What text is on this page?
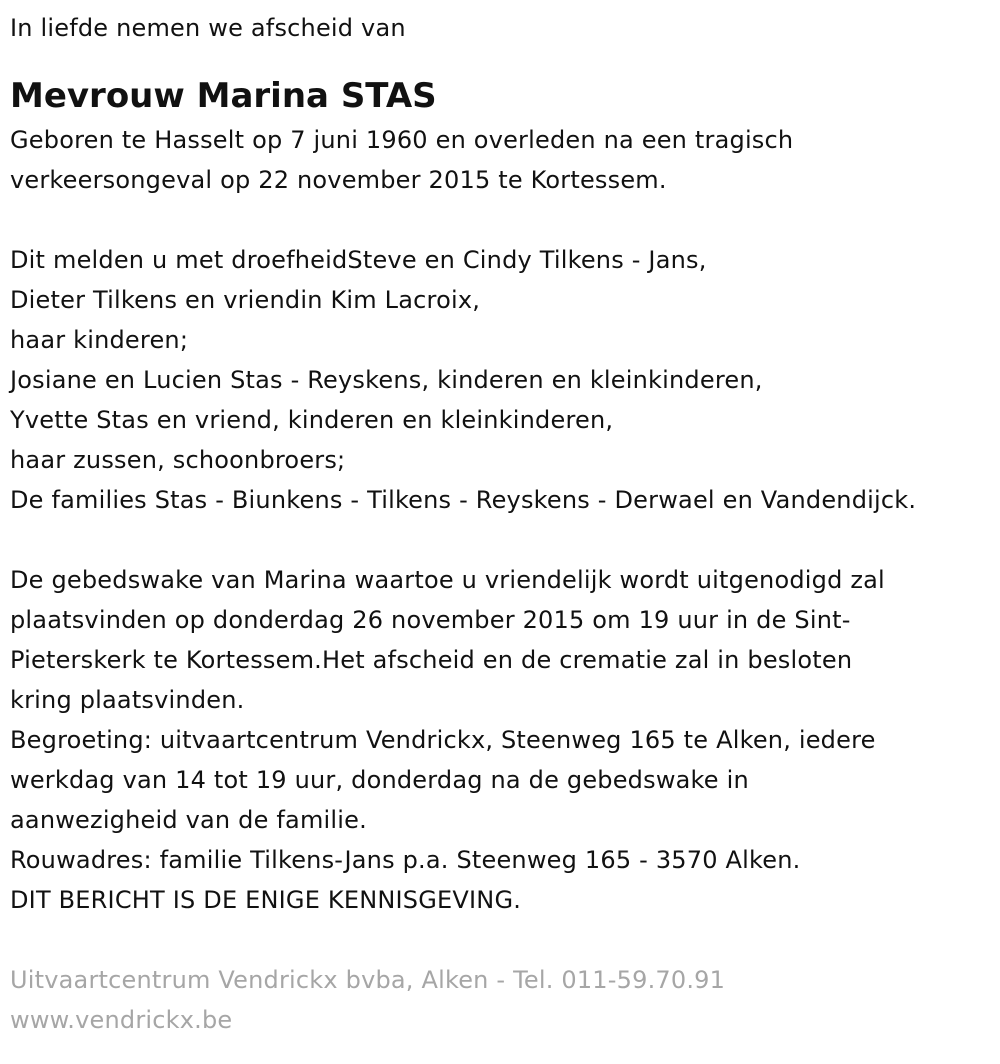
In liefde nemen we afscheid van
Mevrouw Marina STAS
Geboren te Hasselt op 7 juni 1960 en overleden na een tragisch
verkeersongeval op 22 november 2015 te Kortessem.
Dit melden u met droefheidSteve en Cindy Tilkens - Jans,
Dieter Tilkens en vriendin Kim Lacroix,
haar kinderen;
Josiane en Lucien Stas - Reyskens, kinderen en kleinkinderen,
Yvette Stas en vriend, kinderen en kleinkinderen,
haar zussen, schoonbroers;
De families Stas - Biunkens - Tilkens - Reyskens - Derwael en Vandendijck.
De gebedswake van Marina waartoe u vriendelijk wordt uitgenodigd zal
plaatsvinden op donderdag 26 november 2015 om 19 uur in de Sint-
Pieterskerk te Kortessem.Het afscheid en de crematie zal in besloten
kring plaatsvinden.
Begroeting: uitvaartcentrum Vendrickx, Steenweg 165 te Alken, iedere
werkdag van 14 tot 19 uur, donderdag na de gebedswake in
aanwezigheid van de familie.
Rouwadres: familie Tilkens-Jans p.a. Steenweg 165 - 3570 Alken.
DIT BERICHT IS DE ENIGE KENNISGEVING.
Uitvaartcentrum Vendrickx bvba, Alken - Tel. 011-59.70.91
www.vendrickx.be
